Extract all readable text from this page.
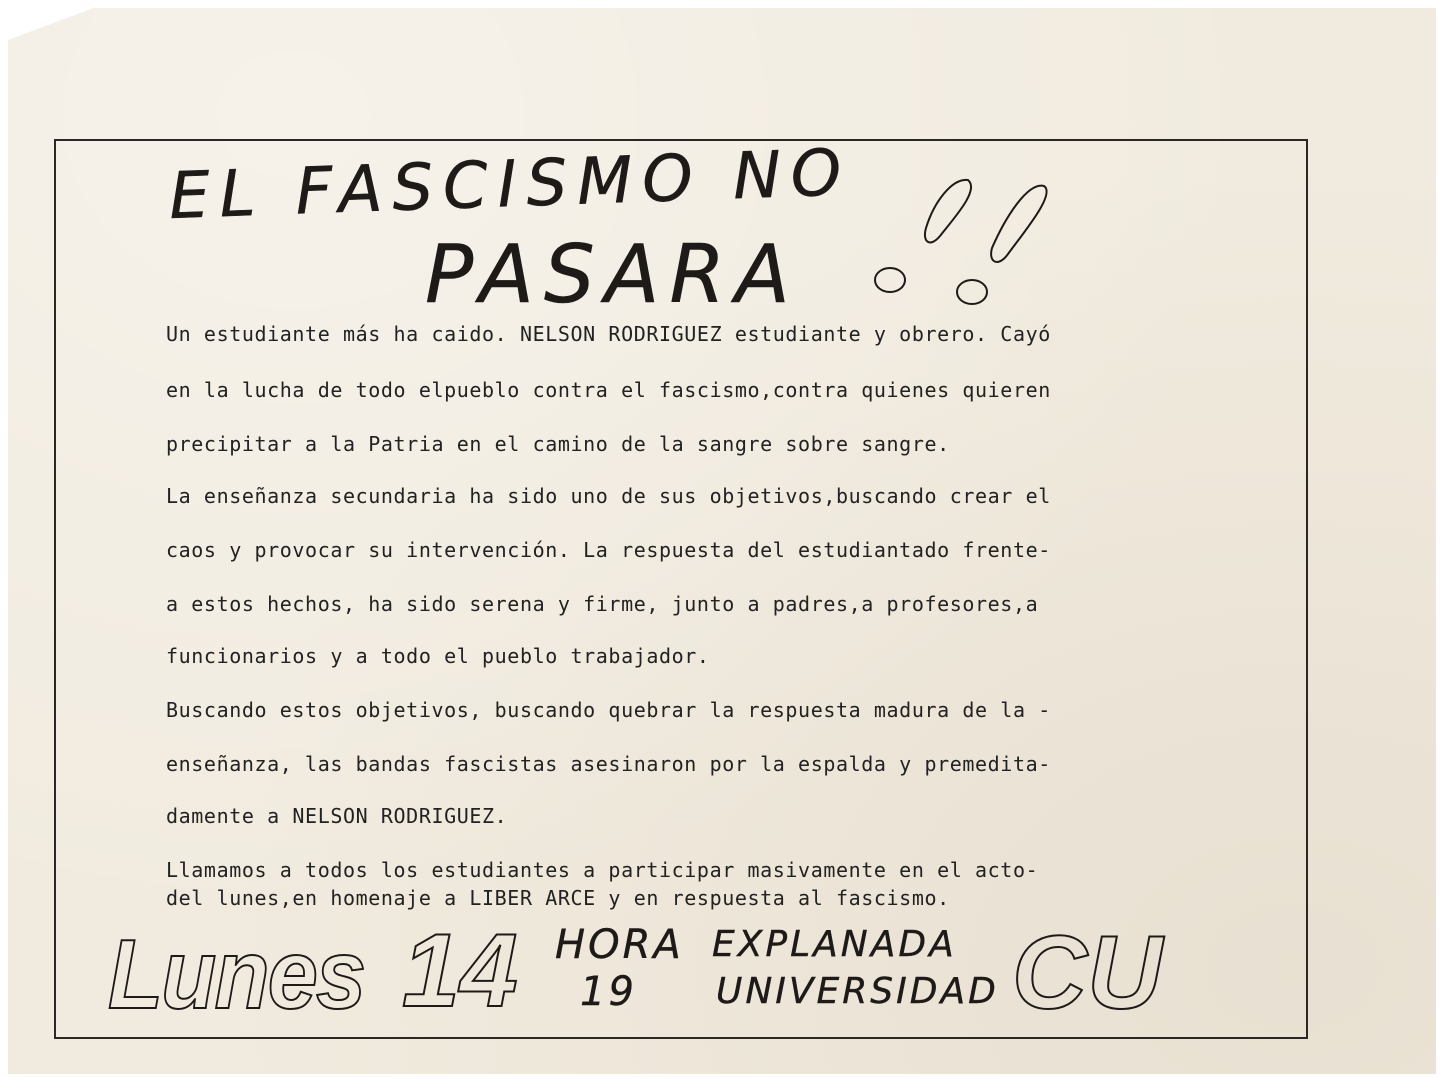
EL FASCISMO NO
PASARA
Un estudiante más ha caido. NELSON RODRIGUEZ estudiante y obrero. Cayó
en la lucha de todo elpueblo contra el fascismo,contra quienes quieren
precipitar a la Patria en el camino de la sangre sobre sangre.
La enseñanza secundaria ha sido uno de sus objetivos,buscando crear el
caos y provocar su intervención. La respuesta del estudiantado frente-
a estos hechos, ha sido serena y firme, junto a padres,a profesores,a
funcionarios y a todo el pueblo trabajador.
Buscando estos objetivos, buscando quebrar la respuesta madura de la -
enseñanza, las bandas fascistas asesinaron por la espalda y premedita-
damente a NELSON RODRIGUEZ.
Llamamos a todos los estudiantes a participar masivamente en el acto-
del lunes,en homenaje a LIBER ARCE y en respuesta al fascismo.
Lunes 14 HORA
19
EXPLANADA
UNIVERSIDAD CU
